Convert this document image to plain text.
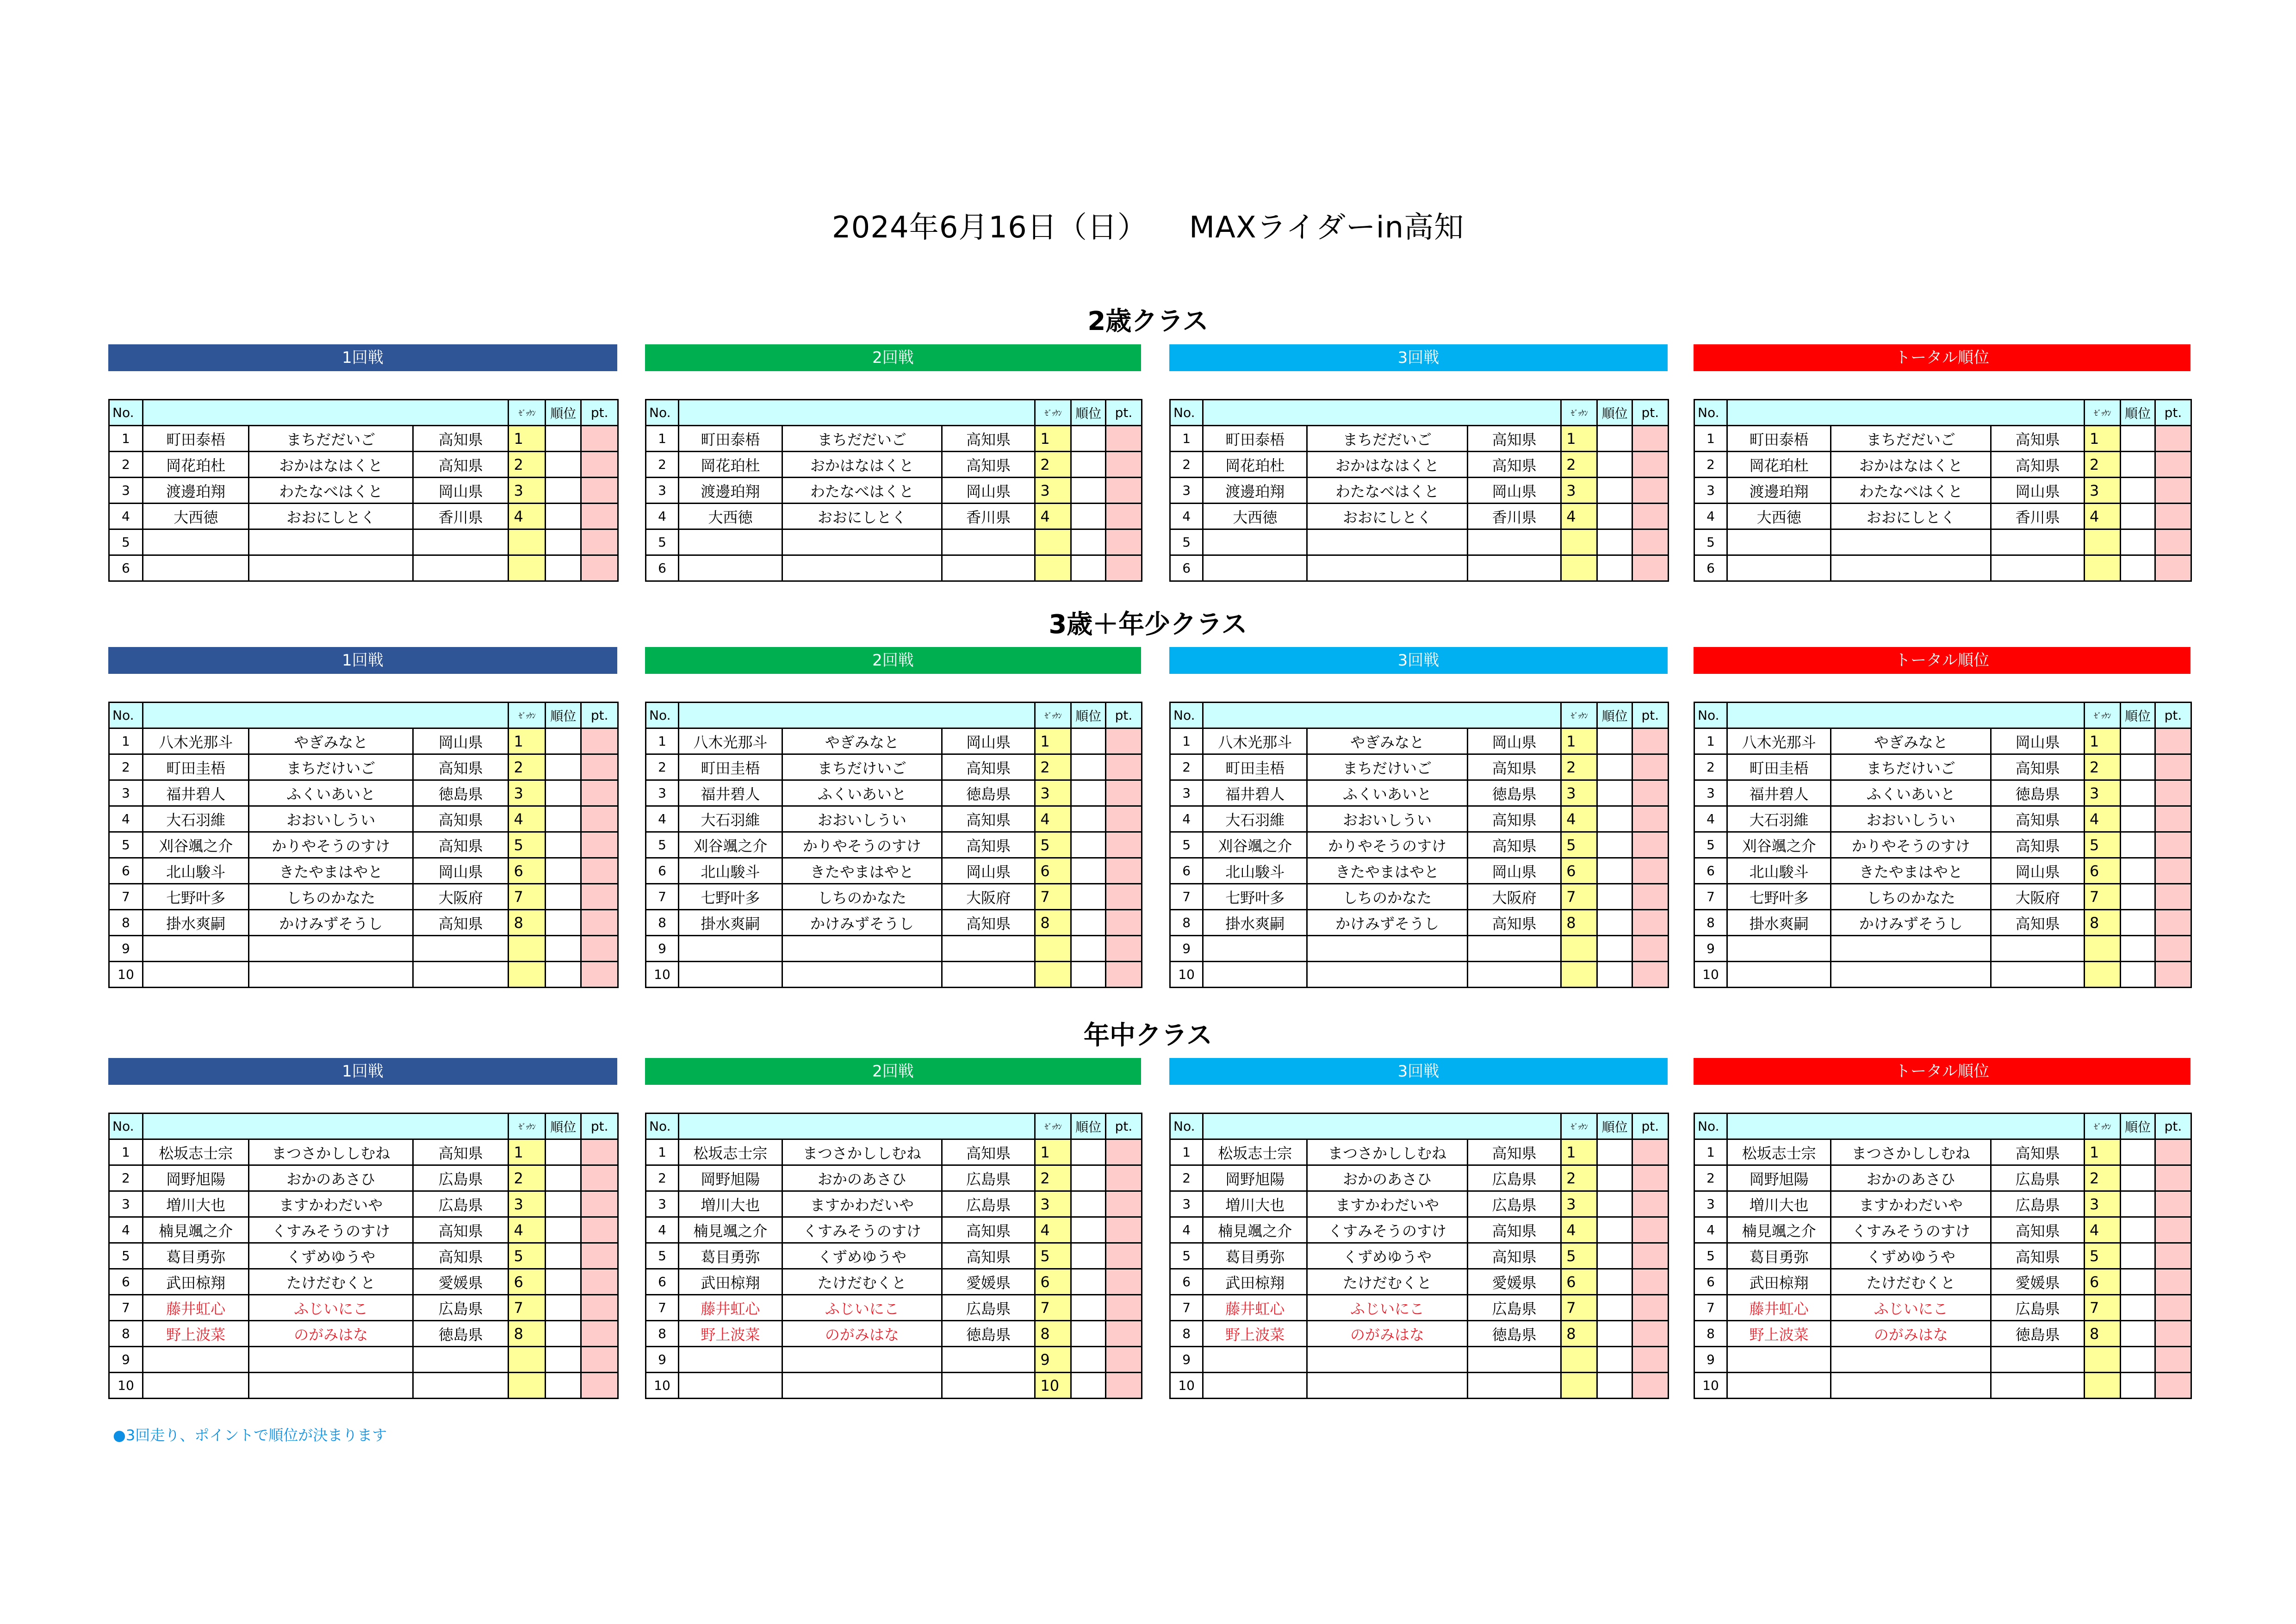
2024年6月16日（日） MAXライダーin高知
2歳クラス
1回戦
No.				ｾﾞｯｹﾝ	順位	pt.
1	町田泰梧	まちだだいご	高知県	1		
2	岡花珀杜	おかはなはくと	高知県	2		
3	渡邊珀翔	わたなべはくと	岡山県	3		
4	大西徳	おおにしとく	香川県	4		
5						
6						
2回戦
No.				ｾﾞｯｹﾝ	順位	pt.
1	町田泰梧	まちだだいご	高知県	1		
2	岡花珀杜	おかはなはくと	高知県	2		
3	渡邊珀翔	わたなべはくと	岡山県	3		
4	大西徳	おおにしとく	香川県	4		
5						
6						
3回戦
No.				ｾﾞｯｹﾝ	順位	pt.
1	町田泰梧	まちだだいご	高知県	1		
2	岡花珀杜	おかはなはくと	高知県	2		
3	渡邊珀翔	わたなべはくと	岡山県	3		
4	大西徳	おおにしとく	香川県	4		
5						
6						
トータル順位
No.				ｾﾞｯｹﾝ	順位	pt.
1	町田泰梧	まちだだいご	高知県	1		
2	岡花珀杜	おかはなはくと	高知県	2		
3	渡邊珀翔	わたなべはくと	岡山県	3		
4	大西徳	おおにしとく	香川県	4		
5						
6						
3歳＋年少クラス
1回戦
No.				ｾﾞｯｹﾝ	順位	pt.
1	八木光那斗	やぎみなと	岡山県	1		
2	町田圭梧	まちだけいご	高知県	2		
3	福井碧人	ふくいあいと	徳島県	3		
4	大石羽維	おおいしうい	高知県	4		
5	刈谷颯之介	かりやそうのすけ	高知県	5		
6	北山駿斗	きたやまはやと	岡山県	6		
7	七野叶多	しちのかなた	大阪府	7		
8	掛水爽嗣	かけみずそうし	高知県	8		
9						
10						
2回戦
No.				ｾﾞｯｹﾝ	順位	pt.
1	八木光那斗	やぎみなと	岡山県	1		
2	町田圭梧	まちだけいご	高知県	2		
3	福井碧人	ふくいあいと	徳島県	3		
4	大石羽維	おおいしうい	高知県	4		
5	刈谷颯之介	かりやそうのすけ	高知県	5		
6	北山駿斗	きたやまはやと	岡山県	6		
7	七野叶多	しちのかなた	大阪府	7		
8	掛水爽嗣	かけみずそうし	高知県	8		
9						
10						
3回戦
No.				ｾﾞｯｹﾝ	順位	pt.
1	八木光那斗	やぎみなと	岡山県	1		
2	町田圭梧	まちだけいご	高知県	2		
3	福井碧人	ふくいあいと	徳島県	3		
4	大石羽維	おおいしうい	高知県	4		
5	刈谷颯之介	かりやそうのすけ	高知県	5		
6	北山駿斗	きたやまはやと	岡山県	6		
7	七野叶多	しちのかなた	大阪府	7		
8	掛水爽嗣	かけみずそうし	高知県	8		
9						
10						
トータル順位
No.				ｾﾞｯｹﾝ	順位	pt.
1	八木光那斗	やぎみなと	岡山県	1		
2	町田圭梧	まちだけいご	高知県	2		
3	福井碧人	ふくいあいと	徳島県	3		
4	大石羽維	おおいしうい	高知県	4		
5	刈谷颯之介	かりやそうのすけ	高知県	5		
6	北山駿斗	きたやまはやと	岡山県	6		
7	七野叶多	しちのかなた	大阪府	7		
8	掛水爽嗣	かけみずそうし	高知県	8		
9						
10						
年中クラス
1回戦
No.				ｾﾞｯｹﾝ	順位	pt.
1	松坂志士宗	まつさかししむね	高知県	1		
2	岡野旭陽	おかのあさひ	広島県	2		
3	増川大也	ますかわだいや	広島県	3		
4	楠見颯之介	くすみそうのすけ	高知県	4		
5	葛目勇弥	くずめゆうや	高知県	5		
6	武田椋翔	たけだむくと	愛媛県	6		
7	藤井虹心	ふじいにこ	広島県	7		
8	野上波菜	のがみはな	徳島県	8		
9						
10						
2回戦
No.				ｾﾞｯｹﾝ	順位	pt.
1	松坂志士宗	まつさかししむね	高知県	1		
2	岡野旭陽	おかのあさひ	広島県	2		
3	増川大也	ますかわだいや	広島県	3		
4	楠見颯之介	くすみそうのすけ	高知県	4		
5	葛目勇弥	くずめゆうや	高知県	5		
6	武田椋翔	たけだむくと	愛媛県	6		
7	藤井虹心	ふじいにこ	広島県	7		
8	野上波菜	のがみはな	徳島県	8		
9				9		
10				10		
3回戦
No.				ｾﾞｯｹﾝ	順位	pt.
1	松坂志士宗	まつさかししむね	高知県	1		
2	岡野旭陽	おかのあさひ	広島県	2		
3	増川大也	ますかわだいや	広島県	3		
4	楠見颯之介	くすみそうのすけ	高知県	4		
5	葛目勇弥	くずめゆうや	高知県	5		
6	武田椋翔	たけだむくと	愛媛県	6		
7	藤井虹心	ふじいにこ	広島県	7		
8	野上波菜	のがみはな	徳島県	8		
9						
10						
トータル順位
No.				ｾﾞｯｹﾝ	順位	pt.
1	松坂志士宗	まつさかししむね	高知県	1		
2	岡野旭陽	おかのあさひ	広島県	2		
3	増川大也	ますかわだいや	広島県	3		
4	楠見颯之介	くすみそうのすけ	高知県	4		
5	葛目勇弥	くずめゆうや	高知県	5		
6	武田椋翔	たけだむくと	愛媛県	6		
7	藤井虹心	ふじいにこ	広島県	7		
8	野上波菜	のがみはな	徳島県	8		
9						
10						
●3回走り、ポイントで順位が決まります
